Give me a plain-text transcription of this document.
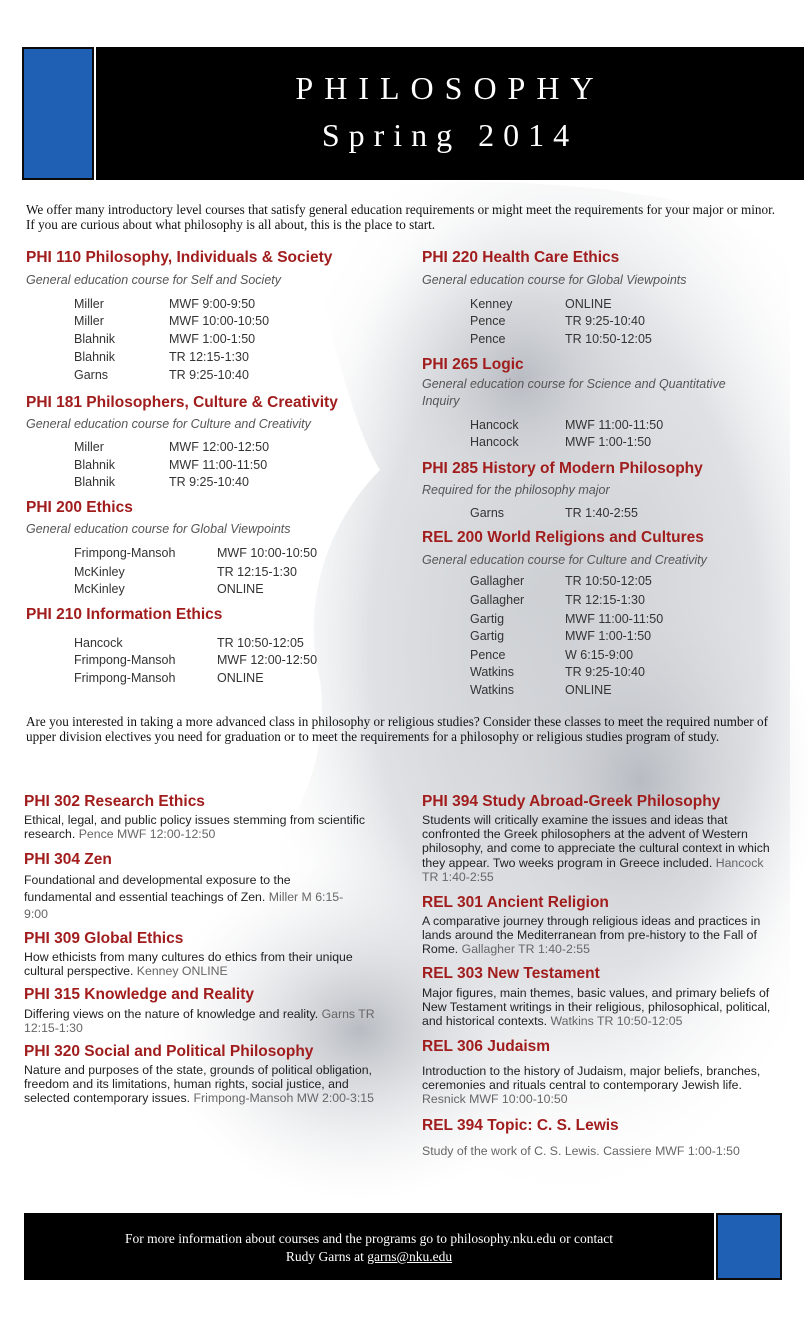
PHILOSOPHY
Spring 2014
We offer many introductory level courses that satisfy general education requirements or might meet the requirements for your major or minor. If you are curious about what philosophy is all about, this is the place to start.
PHI 110 Philosophy, Individuals & Society
General education course for Self and Society
Miller	MWF 9:00-9:50
Miller	MWF 10:00-10:50
Blahnik	MWF 1:00-1:50
Blahnik	TR 12:15-1:30
Garns	TR 9:25-10:40
PHI 181 Philosophers, Culture & Creativity
General education course for Culture and Creativity
Miller	MWF 12:00-12:50
Blahnik	MWF 11:00-11:50
Blahnik	TR 9:25-10:40
PHI 200 Ethics
General education course for Global Viewpoints
Frimpong-Mansoh	MWF 10:00-10:50
McKinley	TR 12:15-1:30
McKinley	ONLINE
PHI 210 Information Ethics
Hancock	TR 10:50-12:05
Frimpong-Mansoh	MWF 12:00-12:50
Frimpong-Mansoh	ONLINE
PHI 220 Health Care Ethics
General education course for Global Viewpoints
Kenney	ONLINE
Pence	TR 9:25-10:40
Pence	TR 10:50-12:05
PHI 265 Logic
General education course for Science and Quantitative Inquiry
Hancock	MWF 11:00-11:50
Hancock	MWF 1:00-1:50
PHI 285 History of Modern Philosophy
Required for the philosophy major
Garns	TR 1:40-2:55
REL 200 World Religions and Cultures
General education course for Culture and Creativity
Gallagher	TR 10:50-12:05
Gallagher	TR 12:15-1:30
Gartig	MWF 11:00-11:50
Gartig	MWF 1:00-1:50
Pence	W 6:15-9:00
Watkins	TR 9:25-10:40
Watkins	ONLINE
Are you interested in taking a more advanced class in philosophy or religious studies? Consider these classes to meet the required number of upper division electives you need for graduation or to meet the requirements for a philosophy or religious studies program of study.
PHI 302 Research Ethics
Ethical, legal, and public policy issues stemming from scientific research. Pence MWF 12:00-12:50
PHI 304 Zen
Foundational and developmental exposure to the fundamental and essential teachings of Zen. Miller M 6:15-9:00
PHI 309 Global Ethics
How ethicists from many cultures do ethics from their unique cultural perspective. Kenney ONLINE
PHI 315 Knowledge and Reality
Differing views on the nature of knowledge and reality. Garns TR 12:15-1:30
PHI 320 Social and Political Philosophy
Nature and purposes of the state, grounds of political obligation, freedom and its limitations, human rights, social justice, and selected contemporary issues. Frimpong-Mansoh MW 2:00-3:15
PHI 394 Study Abroad-Greek Philosophy
Students will critically examine the issues and ideas that confronted the Greek philosophers at the advent of Western philosophy, and come to appreciate the cultural context in which they appear. Two weeks program in Greece included. Hancock TR 1:40-2:55
REL 301 Ancient Religion
A comparative journey through religious ideas and practices in lands around the Mediterranean from pre-history to the Fall of Rome. Gallagher TR 1:40-2:55
REL 303 New Testament
Major figures, main themes, basic values, and primary beliefs of New Testament writings in their religious, philosophical, political, and historical contexts. Watkins TR 10:50-12:05
REL 306 Judaism
Introduction to the history of Judaism, major beliefs, branches, ceremonies and rituals central to contemporary Jewish life. Resnick MWF 10:00-10:50
REL 394 Topic: C. S. Lewis
Study of the work of C. S. Lewis. Cassiere MWF 1:00-1:50
For more information about courses and the programs go to philosophy.nku.edu or contact
Rudy Garns at garns@nku.edu
